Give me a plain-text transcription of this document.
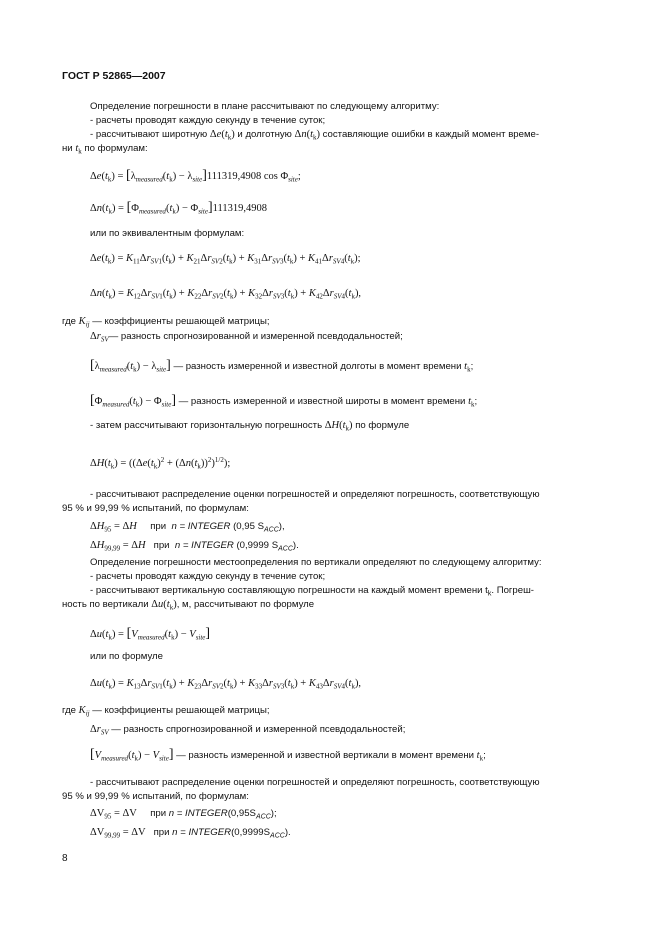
ГОСТ Р 52865—2007
Определение погрешности в плане рассчитывают по следующему алгоритму:
- расчеты проводят каждую секунду в течение суток;
- рассчитывают широтную $\Delta e(t_k)$ и долготную $\Delta n(t_k)$ составляющие ошибки в каждый момент време-
ни $t_k$ по формулам:
$\Delta e(t_k) = [\lambda_{measured}(t_k) - \lambda_{site}]111319,4908$ $\cos \Phi_{site}$;
$\Delta n(t_k) = [\Phi_{measured}(t_k) - \Phi_{site}]111319,4908$
или по эквивалентным формулам:
$\Delta e(t_k) = K_{11}\Delta r_{SV1}(t_k) + K_{21}\Delta r_{SV2}(t_k) + K_{31}\Delta r_{SV3}(t_k) + K_{41}\Delta r_{SV4}(t_k)$;
$\Delta n(t_k) = K_{12}\Delta r_{SV1}(t_k) + K_{22}\Delta r_{SV2}(t_k) + K_{32}\Delta r_{SV3}(t_k) + K_{42}\Delta r_{SV4}(t_k)$,
где $K_{ij}$ — коэффициенты решающей матрицы;
$\Delta r_{SV}—$ разность спрогнозированной и измеренной псевдодальностей;
$[\lambda_{measured}(t_k) - \lambda_{site}]$ — разность измеренной и известной долготы в момент времени $t_k$;
$[\Phi_{measured}(t_k) - \Phi_{site}]$ — разность измеренной и известной широты в момент времени $t_k$;
- затем рассчитывают горизонтальную погрешность $\Delta H(t_k)$ по формуле
$\Delta H(t_k) = ((\Delta e(t_k)^2 + (\Delta n(t_k))^2)^{1/2})$;
- рассчитывают распределение оценки погрешностей и определяют погрешность, соответствующую
95 % и 99,99 % испытаний, по формулам:
$\Delta H_{95} = \Delta H$ при n = INTEGER (0,95 $S_{ACC}$),
$\Delta H_{99,99} = \Delta H$ при n = INTEGER (0,9999 $S_{ACC}$).
Определение погрешности местоопределения по вертикали определяют по следующему алгоритму:
- расчеты проводят каждую секунду в течение суток;
- рассчитывают вертикальную составляющую погрешности на каждый момент времени $t_k$. Погреш-
ность по вертикали $\Delta u(t_k)$, м, рассчитывают по формуле
$\Delta u(t_k) = [V_{measured}(t_k) - V_{site}]$
или по формуле
$\Delta u(t_k) = K_{13}\Delta r_{SV1}(t_k) + K_{23}\Delta r_{SV2}(t_k) + K_{33}\Delta r_{SV3}(t_k) + K_{43}\Delta r_{SV4}(t_k)$,
где $K_{ij}$ — коэффициенты решающей матрицы;
$\Delta r_{SV}$ — разность спрогнозированной и измеренной псевдодальностей;
$[V_{measured}(t_k) - V_{site}]$ — разность измеренной и известной вертикали в момент времени $t_k$;
- рассчитывают распределение оценки погрешностей и определяют погрешность, соответствующую
95 % и 99,99 % испытаний, по формулам:
$\Delta V_{95} = \Delta V$ при $n = INTEGER(0,95S_{ACC})$;
$\Delta V_{99,99} = \Delta V$ при $n = INTEGER(0,9999S_{ACC})$.
8
